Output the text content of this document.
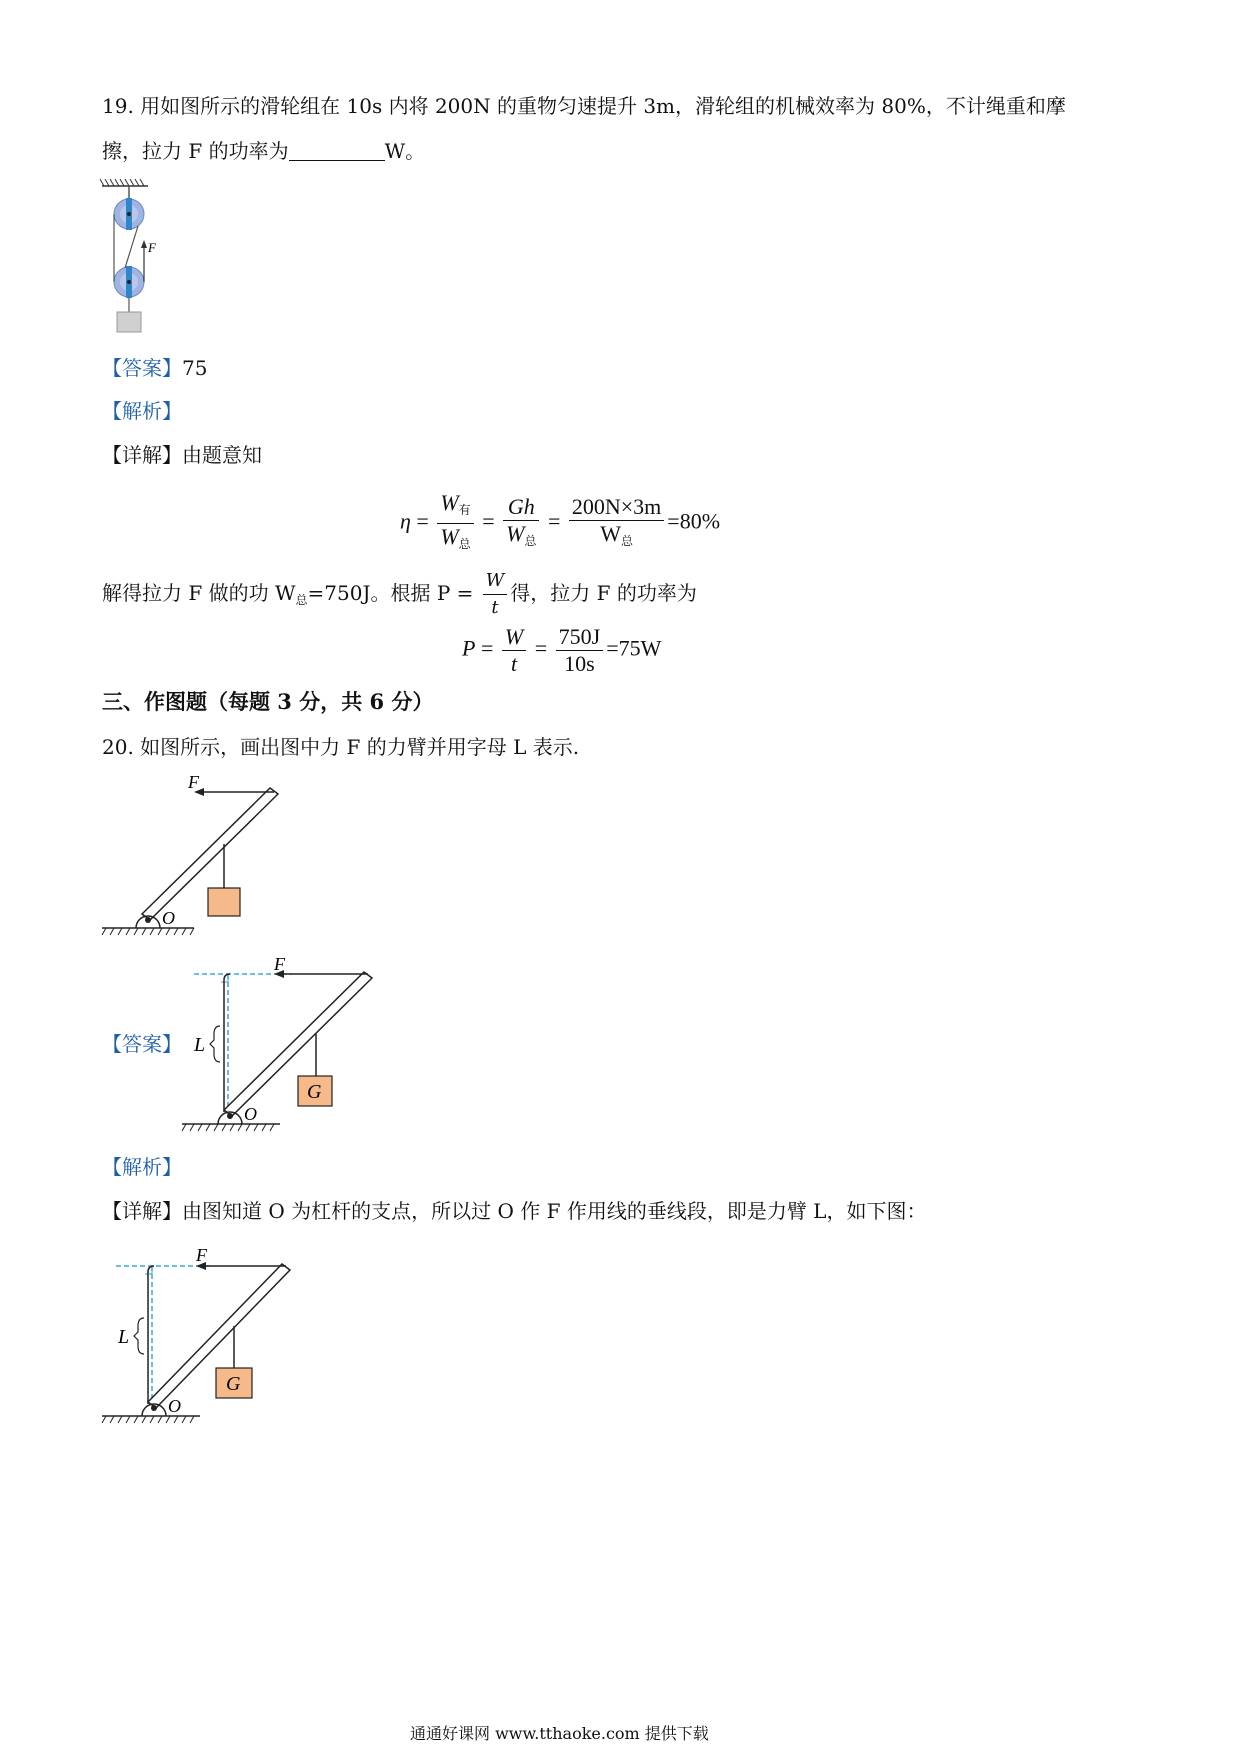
19. 用如图所示的滑轮组在 10s 内将 200N 的重物匀速提升 3m，滑轮组的机械效率为 80%，不计绳重和摩
擦，拉力 F 的功率为	W。
F
【答案】75
【解析】
【详解】由题意知
$\eta = \frac{W_有}{W_总} = \frac{Gh}{W_总} = \frac{200N\times 3m}{W_总} =80\%$
解得拉力 F 做的功 $W_总=750J$。根据 $P = \frac{W}{t}$ 得，拉力 F 的功率为
$P = \frac{W}{t} = \frac{750J}{10s} =75W$
三、作图题（每题 3 分，共 6 分）
20. 如图所示，画出图中力 F 的力臂并用字母 L 表示.
F
O
【答案】
F
L
O
G
【解析】
【详解】由图知道 O 为杠杆的支点，所以过 O 作 F 作用线的垂线段，即是力臂 L，如下图：
F
L
O
G
通通好课网 www.tthaoke.com 提供下载
